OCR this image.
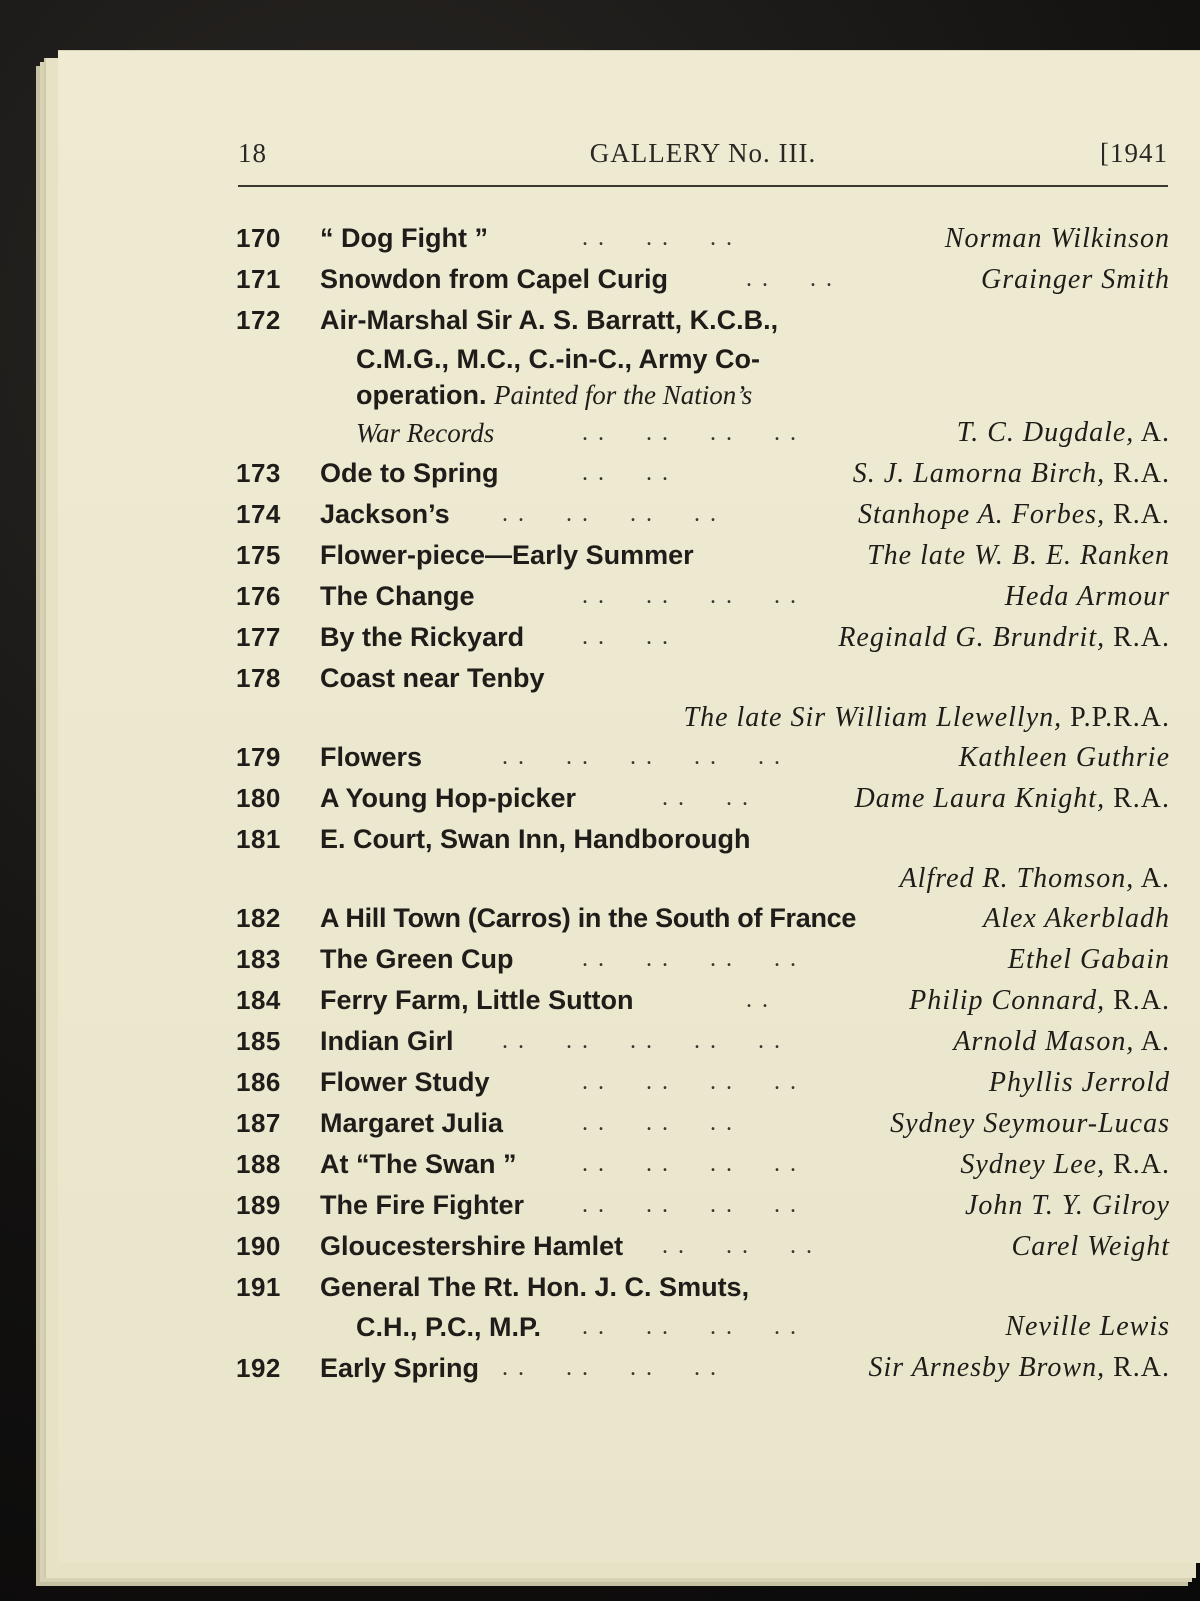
18	GALLERY No. III.	[1941
170 “ Dog Fight ”	. .     . .     . .	Norman Wilkinson
171 Snowdon from Capel Curig	. .     . .	Grainger Smith
172 Air-Marshal Sir A. S. Barratt, K.C.B.,
C.M.G., M.C., C.-in-C., Army Co-
operation. Painted for the Nation’s
War Records	. .     . .     . .     . .	T. C. Dugdale, A.
173 Ode to Spring	. .     . .	S. J. Lamorna Birch, R.A.
174 Jackson’s . .     . .     . .     . .	Stanhope A. Forbes, R.A.
175 Flower-piece—Early Summer	The late W. B. E. Ranken
176 The Change	. .     . .     . .     . .	Heda Armour
177 By the Rickyard . .     . .	Reginald G. Brundrit, R.A.
178 Coast near Tenby
The late Sir William Llewellyn, P.P.R.A.
179 Flowers	. .     . .     . .     . .     . .	Kathleen Guthrie
180 A Young Hop-picker	. .     . .	Dame Laura Knight, R.A.
181 E. Court, Swan Inn, Handborough
Alfred R. Thomson, A.
182 A Hill Town (Carros) in the South of France	Alex Akerbladh
183 The Green Cup	. .     . .     . .     . .	Ethel Gabain
184 Ferry Farm, Little Sutton	. .	Philip Connard, R.A.
185 Indian Girl . .     . .     . .     . .     . .	Arnold Mason, A.
186 Flower Study	. .     . .     . .     . .	Phyllis Jerrold
187 Margaret Julia	. .     . .     . .	Sydney Seymour-Lucas
188 At “The Swan ”	. .     . .     . .     . .	Sydney Lee, R.A.
189 The Fire Fighter . .     . .     . .     . .	John T. Y. Gilroy
190 Gloucestershire Hamlet . .     . .     . .	Carel Weight
191 General The Rt. Hon. J. C. Smuts,
C.H., P.C., M.P. . .     . .     . .     . .	Neville Lewis
192 Early Spring . .     . .     . .     . .	Sir Arnesby Brown, R.A.
